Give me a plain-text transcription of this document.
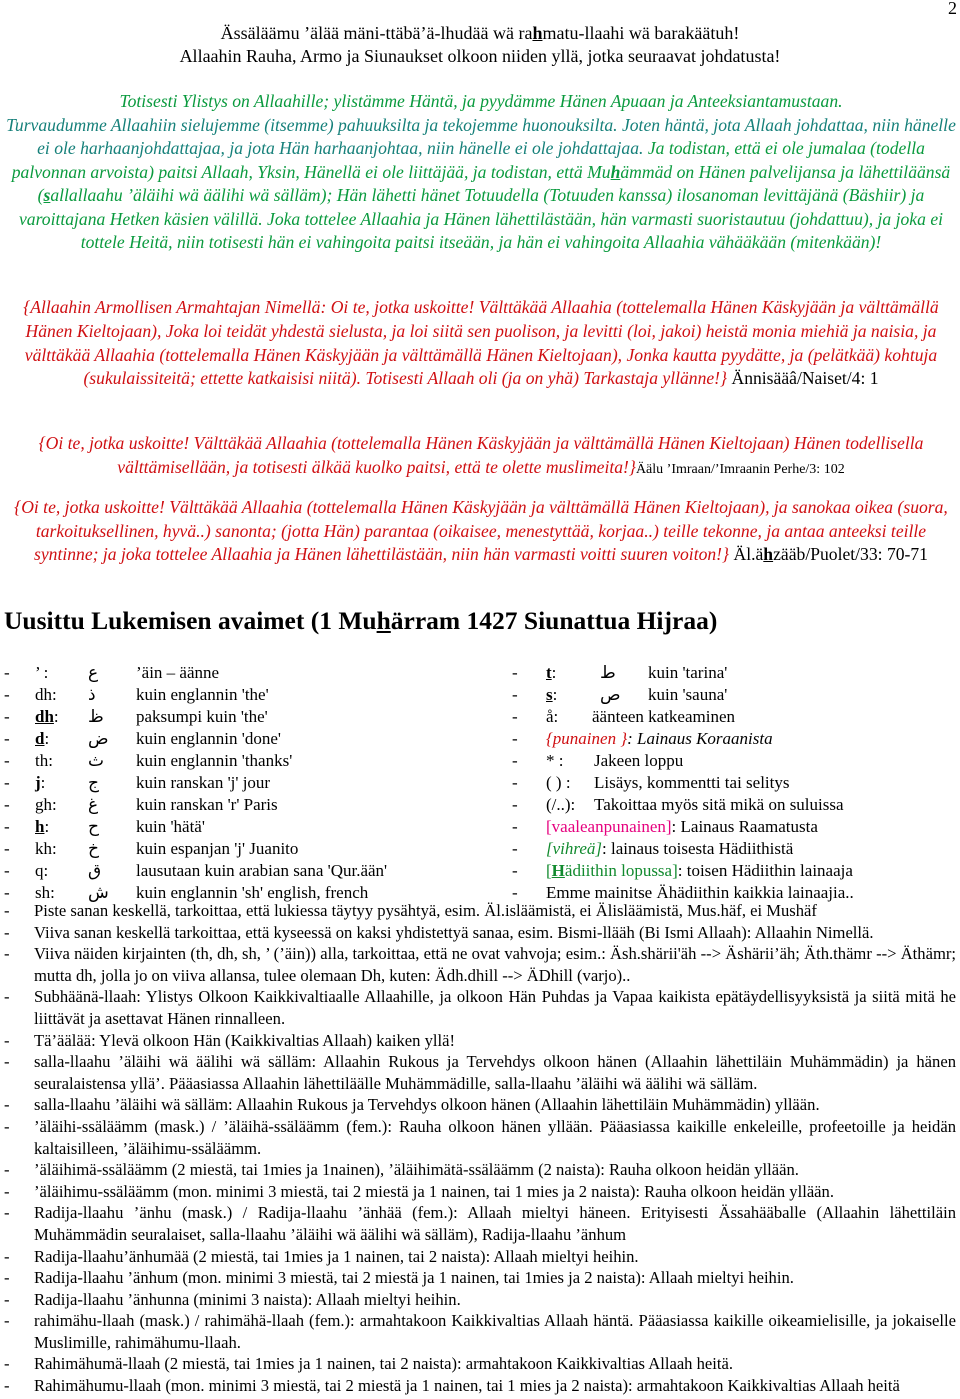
2
Ässäläämu ’älää mäni-ttäbä’ä-lhudää wä rahmatu-llaahi wä barakäätuh!
Allaahin Rauha, Armo ja Siunaukset olkoon niiden yllä, jotka seuraavat johdatusta!
Totisesti Ylistys on Allaahille; ylistämme Häntä, ja pyydämme Hänen Apuaan ja Anteeksiantamustaan.
Turvaudumme Allaahiin sielujemme (itsemme) pahuuksilta ja tekojemme huonouksilta. Joten häntä, jota Allaah johdattaa, niin hänelle ei ole harhaanjohdattajaa, ja jota Hän harhaanjohtaa, niin hänelle ei ole johdattajaa. Ja todistan, että ei ole jumalaa (todella palvonnan arvoista) paitsi Allaah, Yksin, Hänellä ei ole liittäjää, ja todistan, että Muhämmäd on Hänen palvelijansa ja lähettiläänsä (sallallaahu ’äläihi wä äälihi wä sälläm); Hän lähetti hänet Totuudella (Totuuden kanssa) ilosanoman levittäjänä (Bäshiir) ja varoittajana Hetken käsien välillä. Joka tottelee Allaahia ja Hänen lähettilästään, hän varmasti suoristautuu (johdattuu), ja joka ei tottele Heitä, niin totisesti hän ei vahingoita paitsi itseään, ja hän ei vahingoita Allaahia vähääkään (mitenkään)!
{Allaahin Armollisen Armahtajan Nimellä: Oi te, jotka uskoitte! Välttäkää Allaahia (tottelemalla Hänen Käskyjään ja välttämällä Hänen Kieltojaan), Joka loi teidät yhdestä sielusta, ja loi siitä sen puolison, ja levitti (loi, jakoi) heistä monia miehiä ja naisia, ja välttäkää Allaahia (tottelemalla Hänen Käskyjään ja välttämällä Hänen Kieltojaan), Jonka kautta pyydätte, ja (pelätkää) kohtuja (sukulaissiteitä; ettette katkaisisi niitä). Totisesti Allaah oli (ja on yhä) Tarkastaja yllänne!} Ännisääâ/Naiset/4: 1
{Oi te, jotka uskoitte! Välttäkää Allaahia (tottelemalla Hänen Käskyjään ja välttämällä Hänen Kieltojaan) Hänen todellisella välttämisellään, ja totisesti älkää kuolko paitsi, että te olette muslimeita!}Äälu ’Imraan/’Imraanin Perhe/3: 102
{Oi te, jotka uskoitte! Välttäkää Allaahia (tottelemalla Hänen Käskyjään ja välttämällä Hänen Kieltojaan), ja sanokaa oikea (suora, tarkoituksellinen, hyvä..) sanonta; (jotta Hän) parantaa (oikaisee, menestyttää, korjaa..) teille tekonne, ja antaa anteeksi teille syntinne; ja joka tottelee Allaahia ja Hänen lähettilästään, niin hän varmasti voitti suuren voiton!} Äl.ähzääb/Puolet/33: 70-71
Uusittu Lukemisen avaimet (1 Muhärram 1427 Siunattua Hijraa)
- ’ : ع ’äin – äänne
- dh: ذ kuin englannin 'the'
- dh: ظ paksumpi kuin 'the'
- d: ض kuin englannin 'done'
- th: ث kuin englannin 'thanks'
- j:	ج kuin ranskan 'j' jour
- gh: غ kuin ranskan 'r' Paris
- h: ح kuin 'hätä'
- kh: خ kuin espanjan 'j' Juanito
- q: ق lausutaan kuin arabian sana 'Qur.ään'
- sh: ش kuin englannin 'sh' english, french
- t:	ط kuin 'tarina'
- s:	ص kuin 'sauna'
- å: äänteen katkeaminen
- {punainen }: Lainaus Koraanista
- * : Jakeen loppu
- ( ) : Lisäys, kommentti tai selitys
- (/..): Takoittaa myös sitä mikä on suluissa
- [vaaleanpunainen]: Lainaus Raamatusta
- [vihreä]: lainaus toisesta Hädiithistä
- [Hädiithin lopussa]: toisen Hädiithin lainaaja
- Emme mainitse Ähädiithin kaikkia lainaajia..
- Piste sanan keskellä, tarkoittaa, että lukiessa täytyy pysähtyä, esim. Äl.isläämistä, ei Älisläämistä, Mus.häf, ei Mushäf
- Viiva sanan keskellä tarkoittaa, että kyseessä on kaksi yhdistettyä sanaa, esim. Bismi-llääh (Bi Ismi Allaah): Allaahin Nimellä.
- Viiva näiden kirjainten (th, dh, sh, ’ (’äin)) alla, tarkoittaa, että ne ovat vahvoja; esim.: Äsh.shärii'äh --> Äshärii’äh; Äth.thämr --> Äthämr; mutta dh, jolla jo on viiva allansa, tulee olemaan Dh, kuten: Ädh.dhill --> ÄDhill (varjo)..
- Subhäänä-llaah: Ylistys Olkoon Kaikkivaltiaalle Allaahille, ja olkoon Hän Puhdas ja Vapaa kaikista epätäydellisyyksistä ja siitä mitä he liittävät ja asettavat Hänen rinnalleen.
- Tä’äälää: Ylevä olkoon Hän (Kaikkivaltias Allaah) kaiken yllä!
- salla-llaahu ’äläihi wä äälihi wä sälläm: Allaahin Rukous ja Tervehdys olkoon hänen (Allaahin lähettiläin Muhämmädin) ja hänen seuralaistensa yllä’. Pääasiassa Allaahin lähettiläälle Muhämmädille, salla-llaahu ’äläihi wä äälihi wä sälläm.
- salla-llaahu ’äläihi wä sälläm: Allaahin Rukous ja Tervehdys olkoon hänen (Allaahin lähettiläin Muhämmädin) yllään.
- ’äläihi-ssäläämm (mask.) / ’äläihä-ssäläämm (fem.): Rauha olkoon hänen yllään. Pääasiassa kaikille enkeleille, profeetoille ja heidän kaltaisilleen, ’äläihimu-ssäläämm.
- ’äläihimä-ssäläämm (2 miestä, tai 1mies ja 1nainen), ’äläihimätä-ssäläämm (2 naista): Rauha olkoon heidän yllään.
- ’äläihimu-ssäläämm (mon. minimi 3 miestä, tai 2 miestä ja 1 nainen, tai 1 mies ja 2 naista): Rauha olkoon heidän yllään.
- Radija-llaahu ’änhu (mask.) / Radija-llaahu ’änhää (fem.): Allaah mieltyi häneen. Erityisesti Ässahääballe (Allaahin lähettiläin Muhämmädin seuralaiset, salla-llaahu ’äläihi wä äälihi wä sälläm), Radija-llaahu ’änhum
- Radija-llaahu’änhumää (2 miestä, tai 1mies ja 1 nainen, tai 2 naista): Allaah mieltyi heihin.
- Radija-llaahu ’änhum (mon. minimi 3 miestä, tai 2 miestä ja 1 nainen, tai 1mies ja 2 naista): Allaah mieltyi heihin.
- Radija-llaahu ’änhunna (minimi 3 naista): Allaah mieltyi heihin.
- rahimähu-llaah (mask.) / rahimähä-llaah (fem.): armahtakoon Kaikkivaltias Allaah häntä. Pääasiassa kaikille oikeamielisille, ja jokaiselle Muslimille, rahimähumu-llaah.
- Rahimähumä-llaah (2 miestä, tai 1mies ja 1 nainen, tai 2 naista): armahtakoon Kaikkivaltias Allaah heitä.
- Rahimähumu-llaah (mon. minimi 3 miestä, tai 2 miestä ja 1 nainen, tai 1 mies ja 2 naista): armahtakoon Kaikkivaltias Allaah heitä
